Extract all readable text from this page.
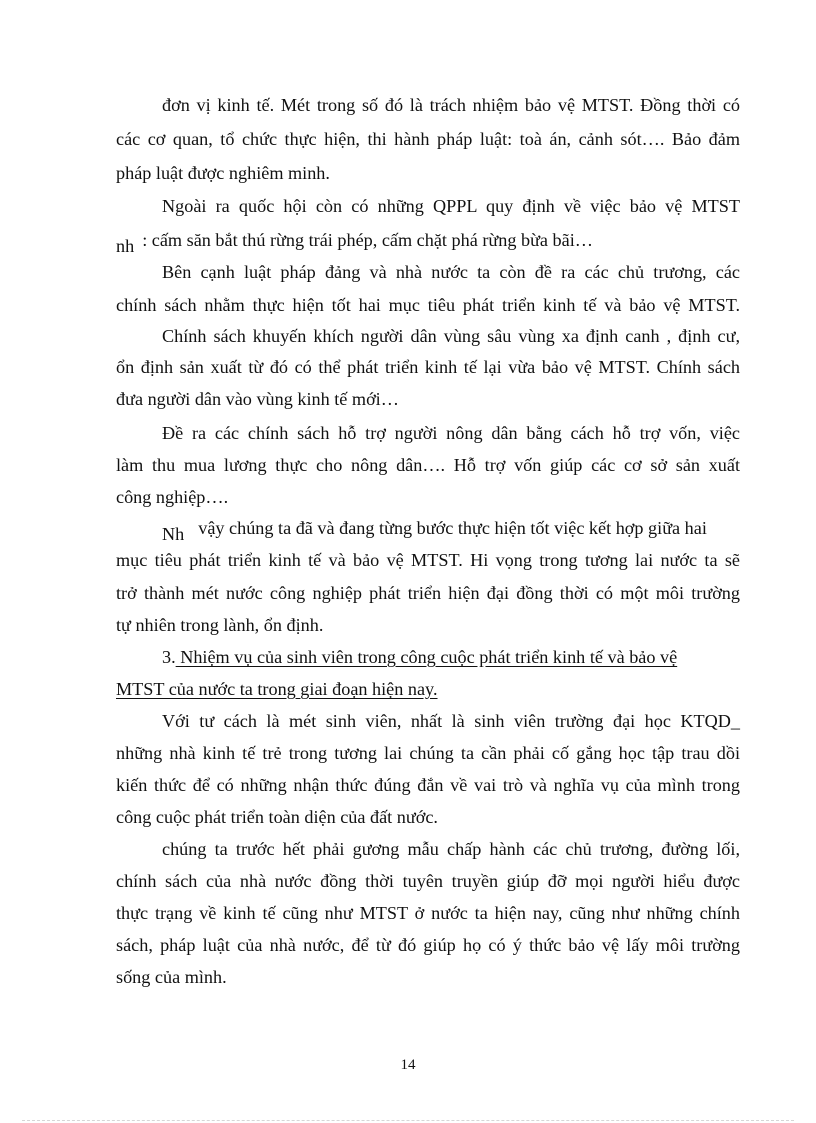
đơn vị kinh tế. Mét trong số đó là trách nhiệm bảo vệ MTST. Đồng thời có
các cơ quan, tổ chức thực hiện, thi hành pháp luật: toà án, cảnh sót…. Bảo đảm
pháp luật được nghiêm minh.
Ngoài ra quốc hội còn có những QPPL quy định về việc bảo vệ MTST
nh : cấm săn bắt thú rừng trái phép, cấm chặt phá rừng bừa bãi…
Bên cạnh luật pháp đảng và nhà nước ta còn đề ra các chủ trương, các
chính sách nhằm thực hiện tốt hai mục tiêu phát triển kinh tế và bảo vệ MTST.
Chính sách khuyến khích người dân vùng sâu vùng xa định canh , định cư,
ổn định sản xuất từ đó có thể phát triển kinh tế lại vừa bảo vệ MTST. Chính sách
đưa người dân vào vùng kinh tế mới…
Đề ra các chính sách hỗ trợ người nông dân bằng cách hỗ trợ vốn, việc
làm thu mua lương thực cho nông dân…. Hỗ trợ vốn giúp các cơ sở sản xuất
công nghiệp….
Nh vậy chúng ta đã và đang từng bước thực hiện tốt việc kết hợp giữa hai
mục tiêu phát triển kinh tế và bảo vệ MTST. Hi vọng trong tương lai nước ta sẽ
trở thành mét nước công nghiệp phát triển hiện đại đồng thời có một môi trường
tự nhiên trong lành, ổn định.
3. Nhiệm vụ của sinh viên trong công cuộc phát triển kinh tế và bảo vệ
MTST của nước ta trong giai đoạn hiện nay.
Với tư cách là mét sinh viên, nhất là sinh viên trường đại học KTQD_
những nhà kinh tế trẻ trong tương lai chúng ta cần phải cố gắng học tập trau dồi
kiến thức để có những nhận thức đúng đắn về vai trò và nghĩa vụ của mình trong
công cuộc phát triển toàn diện của đất nước.
chúng ta trước hết phải gương mẫu chấp hành các chủ trương, đường lối,
chính sách của nhà nước đồng thời tuyên truyền giúp đỡ mọi người hiểu được
thực trạng về kinh tế cũng như MTST ở nước ta hiện nay, cũng như những chính
sách, pháp luật của nhà nước, để từ đó giúp họ có ý thức bảo vệ lấy môi trường
sống của mình.
14
